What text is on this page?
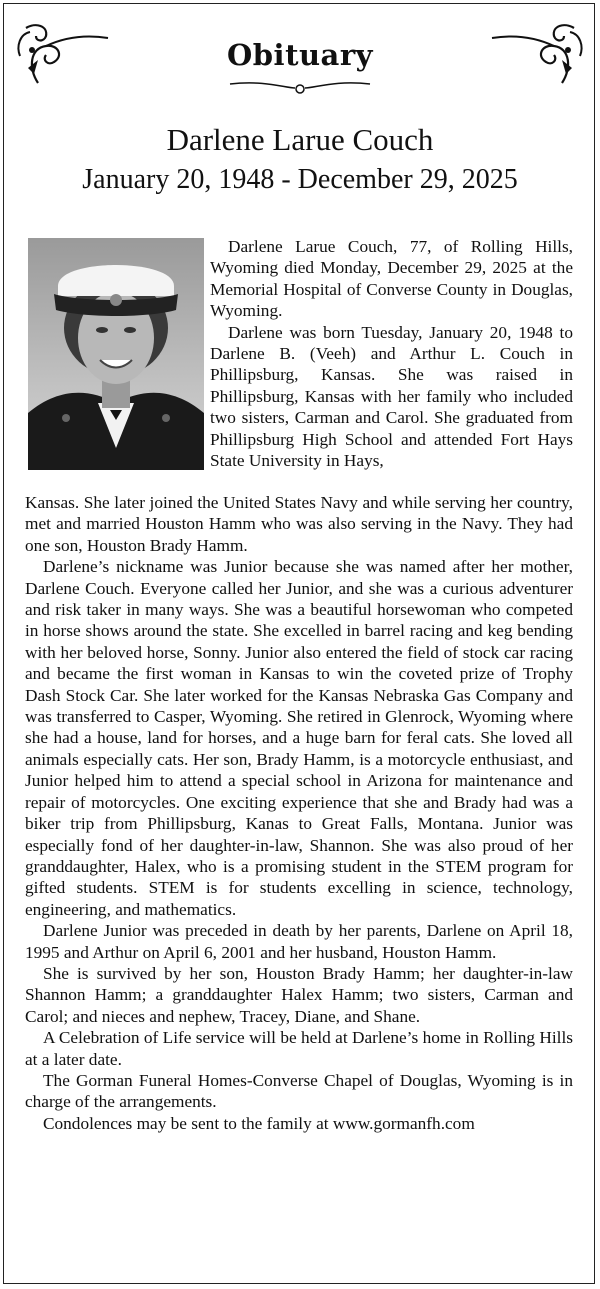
Obituary
Darlene Larue Couch
January 20, 1948 - December 29, 2025

Darlene Larue Couch, 77, of Rolling Hills, Wyoming died Monday, December 29, 2025 at the Memorial Hospital of Converse County in Douglas, Wyoming.

Darlene was born Tuesday, January 20, 1948 to Darlene B. (Veeh) and Arthur L. Couch in Phillipsburg, Kansas. She was raised in Phillipsburg, Kansas with her family who included two sisters, Carman and Carol. She graduated from Phillipsburg High School and attended Fort Hays State University in Hays,

Kansas. She later joined the United States Navy and while serving her country, met and married Houston Hamm who was also serving in the Navy. They had one son, Houston Brady Hamm.

Darlene’s nickname was Junior because she was named after her mother, Darlene Couch. Everyone called her Junior, and she was a curious adventurer and risk taker in many ways. She was a beautiful horsewoman who competed in horse shows around the state. She excelled in barrel racing and keg bending with her beloved horse, Sonny. Junior also entered the field of stock car racing and became the first woman in Kansas to win the coveted prize of Trophy Dash Stock Car. She later worked for the Kansas Nebraska Gas Company and was transferred to Casper, Wyoming. She retired in Glenrock, Wyoming where she had a house, land for horses, and a huge barn for feral cats. She loved all animals especially cats. Her son, Brady Hamm, is a motorcycle enthusiast, and Junior helped him to attend a special school in Arizona for maintenance and repair of motorcycles. One exciting experience that she and Brady had was a biker trip from Phillipsburg, Kanas to Great Falls, Montana. Junior was especially fond of her daughter-in-law, Shannon. She was also proud of her granddaughter, Halex, who is a promising student in the STEM program for gifted students. STEM is for students excelling in science, technology, engineering, and mathematics.

Darlene Junior was preceded in death by her parents, Darlene on April 18, 1995 and Arthur on April 6, 2001 and her husband, Houston Hamm.

She is survived by her son, Houston Brady Hamm; her daughter-in-law Shannon Hamm; a granddaughter Halex Hamm; two sisters, Carman and Carol; and nieces and nephew, Tracey, Diane, and Shane.

A Celebration of Life service will be held at Darlene’s home in Rolling Hills at a later date.

The Gorman Funeral Homes-Converse Chapel of Douglas, Wyoming is in charge of the arrangements.

Condolences may be sent to the family at www.gormanfh.com
